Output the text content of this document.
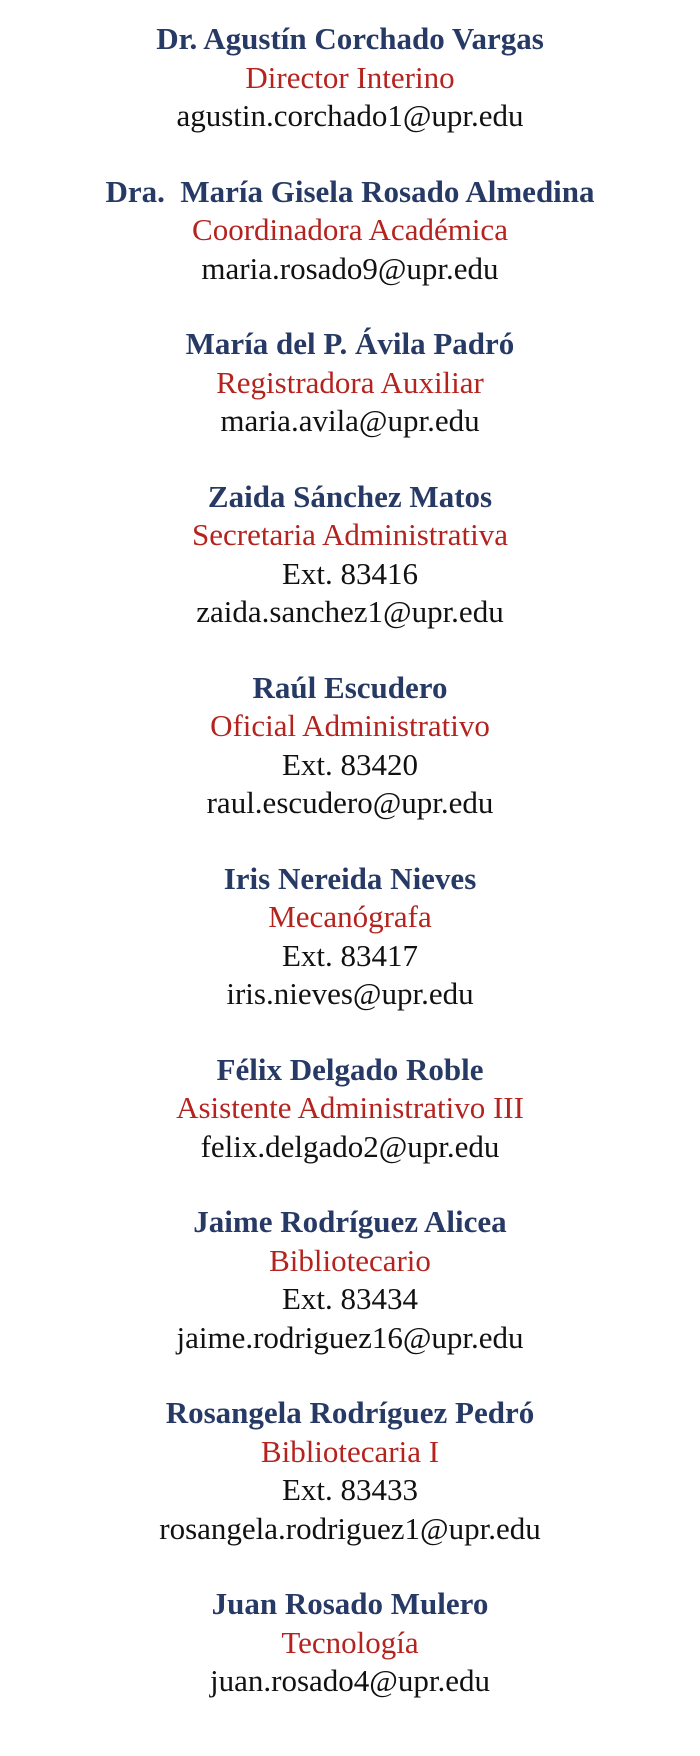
Dr. Agustín Corchado Vargas
Director Interino
agustin.corchado1@upr.edu
Dra.  María Gisela Rosado Almedina
Coordinadora Académica
maria.rosado9@upr.edu
María del P. Ávila Padró
Registradora Auxiliar
maria.avila@upr.edu
Zaida Sánchez Matos
Secretaria Administrativa
Ext. 83416
zaida.sanchez1@upr.edu
Raúl Escudero
Oficial Administrativo
Ext. 83420
raul.escudero@upr.edu
Iris Nereida Nieves
Mecanógrafa
Ext. 83417
iris.nieves@upr.edu
Félix Delgado Roble
Asistente Administrativo III
felix.delgado2@upr.edu
Jaime Rodríguez Alicea
Bibliotecario
Ext. 83434
jaime.rodriguez16@upr.edu
Rosangela Rodríguez Pedró
Bibliotecaria I
Ext. 83433
rosangela.rodriguez1@upr.edu
Juan Rosado Mulero
Tecnología
juan.rosado4@upr.edu
